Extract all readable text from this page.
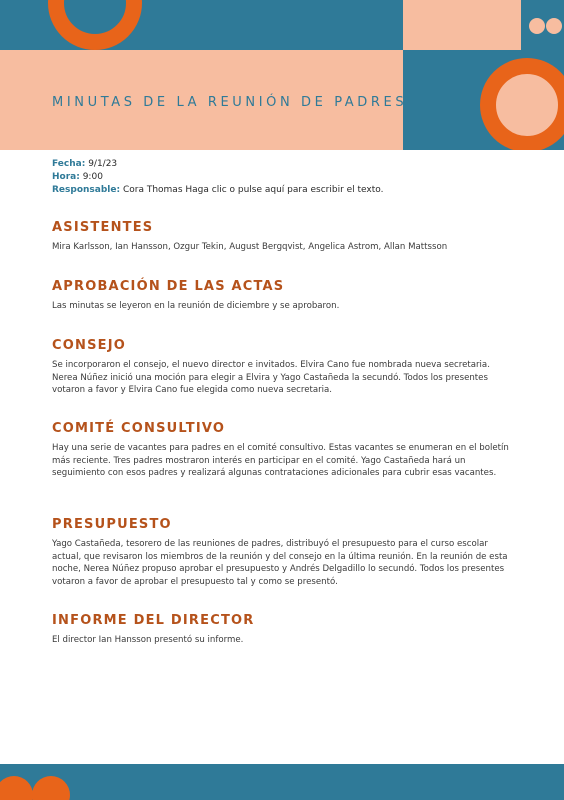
MINUTAS DE LA REUNIÓN DE PADRES
Fecha: 9/1/23
Hora: 9:00
Responsable: Cora Thomas Haga clic o pulse aquí para escribir el texto.
ASISTENTES

Mira Karlsson, Ian Hansson, Ozgur Tekin, August Bergqvist, Angelica Astrom, Allan Mattsson

APROBACIÓN DE LAS ACTAS

Las minutas se leyeron en la reunión de diciembre y se aprobaron.

CONSEJO

Se incorporaron el consejo, el nuevo director e invitados. Elvira Cano fue nombrada nueva secretaria. Nerea Núñez inició una moción para elegir a Elvira y Yago Castañeda la secundó. Todos los presentes votaron a favor y Elvira Cano fue elegida como nueva secretaria.

COMITÉ CONSULTIVO

Hay una serie de vacantes para padres en el comité consultivo. Estas vacantes se enumeran en el boletín más reciente. Tres padres mostraron interés en participar en el comité. Yago Castañeda hará un seguimiento con esos padres y realizará algunas contrataciones adicionales para cubrir esas vacantes.

PRESUPUESTO

Yago Castañeda, tesorero de las reuniones de padres, distribuyó el presupuesto para el curso escolar actual, que revisaron los miembros de la reunión y del consejo en la última reunión. En la reunión de esta noche, Nerea Núñez propuso aprobar el presupuesto y Andrés Delgadillo lo secundó. Todos los presentes votaron a favor de aprobar el presupuesto tal y como se presentó.

INFORME DEL DIRECTOR

El director Ian Hansson presentó su informe.
